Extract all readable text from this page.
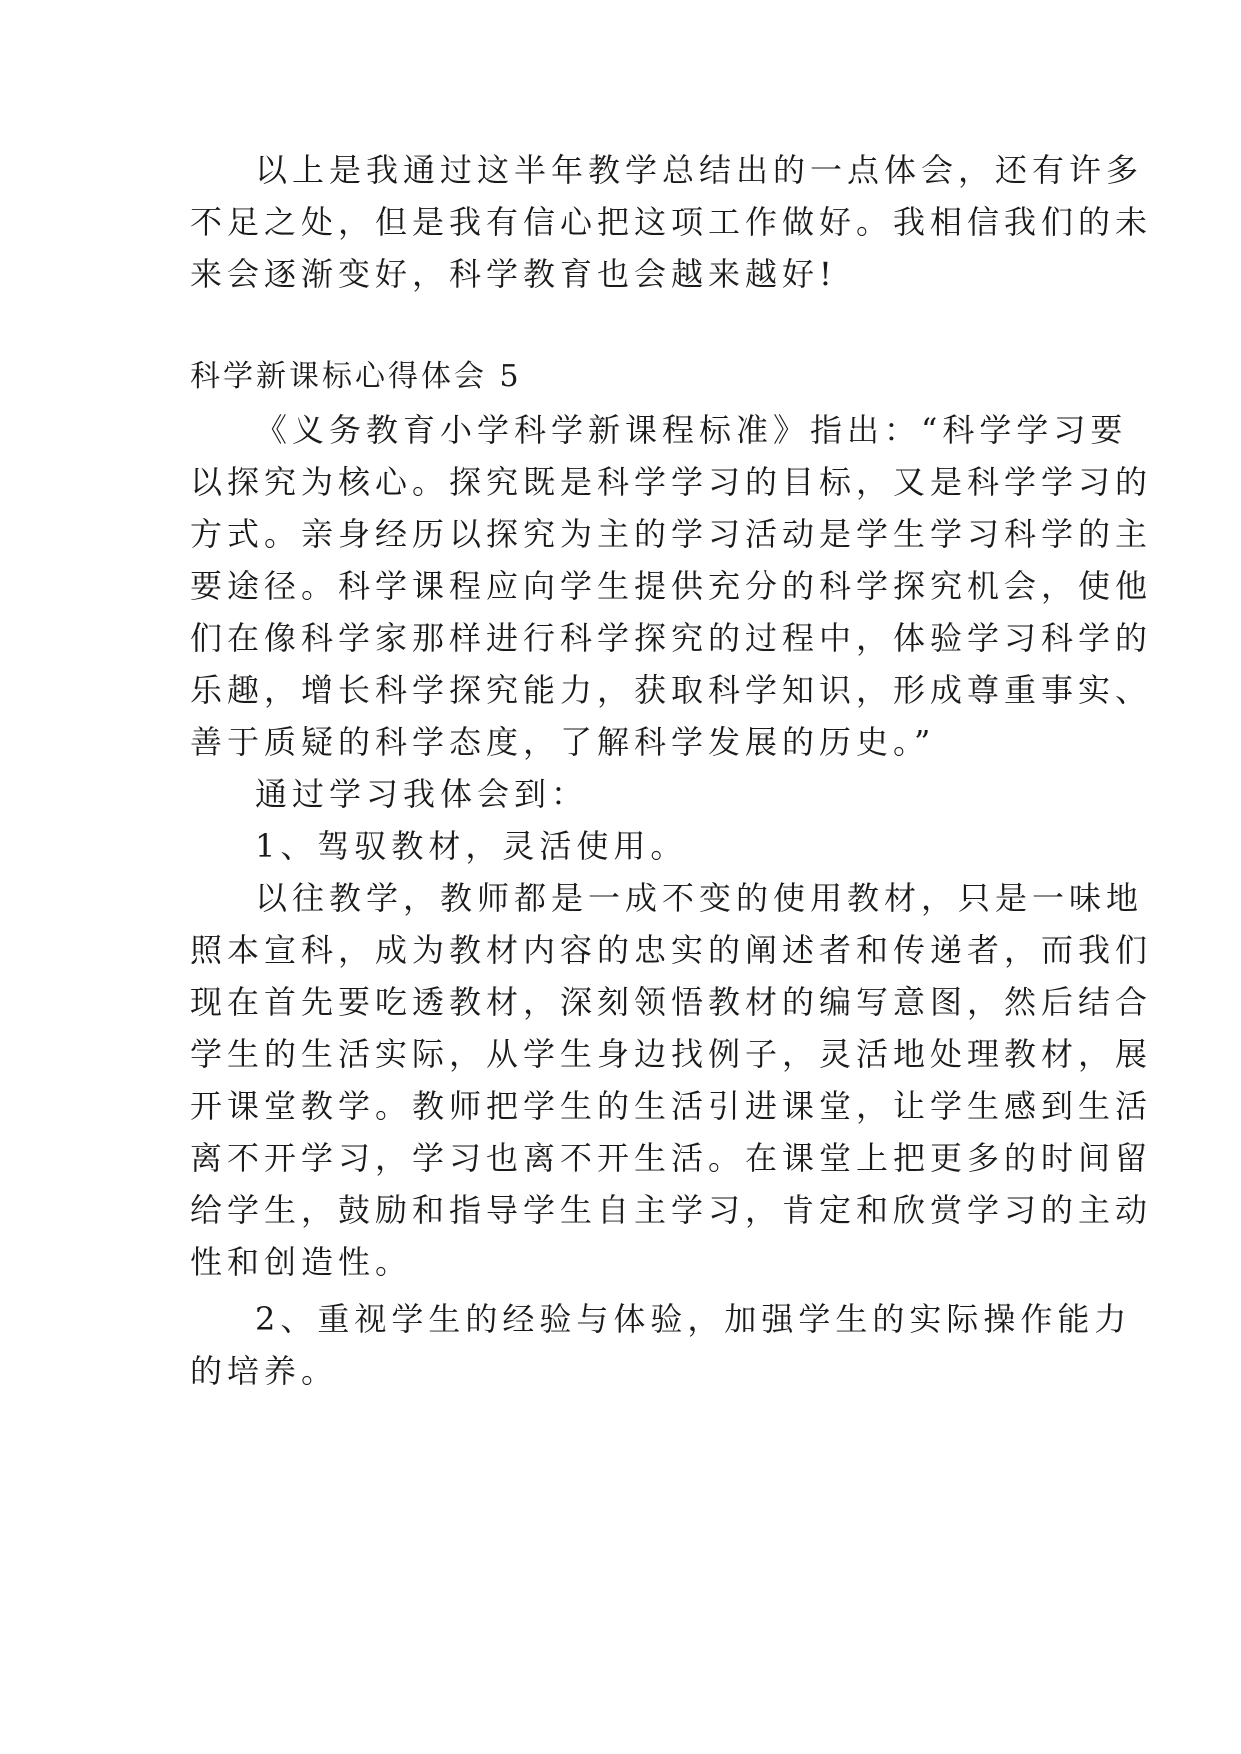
以上是我通过这半年教学总结出的一点体会，还有许多
不足之处，但是我有信心把这项工作做好。我相信我们的未
来会逐渐变好，科学教育也会越来越好!
科学新课标心得体会 5
《义务教育小学科学新课程标准》指出：“科学学习要
以探究为核心。探究既是科学学习的目标，又是科学学习的
方式。亲身经历以探究为主的学习活动是学生学习科学的主
要途径。科学课程应向学生提供充分的科学探究机会，使他
们在像科学家那样进行科学探究的过程中，体验学习科学的
乐趣，增长科学探究能力，获取科学知识，形成尊重事实、
善于质疑的科学态度，了解科学发展的历史。”
通过学习我体会到：
1、驾驭教材，灵活使用。
以往教学，教师都是一成不变的使用教材，只是一味地
照本宣科，成为教材内容的忠实的阐述者和传递者，而我们
现在首先要吃透教材，深刻领悟教材的编写意图，然后结合
学生的生活实际，从学生身边找例子，灵活地处理教材，展
开课堂教学。教师把学生的生活引进课堂，让学生感到生活
离不开学习，学习也离不开生活。在课堂上把更多的时间留
给学生，鼓励和指导学生自主学习，肯定和欣赏学习的主动
性和创造性。
2、重视学生的经验与体验，加强学生的实际操作能力
的培养。
